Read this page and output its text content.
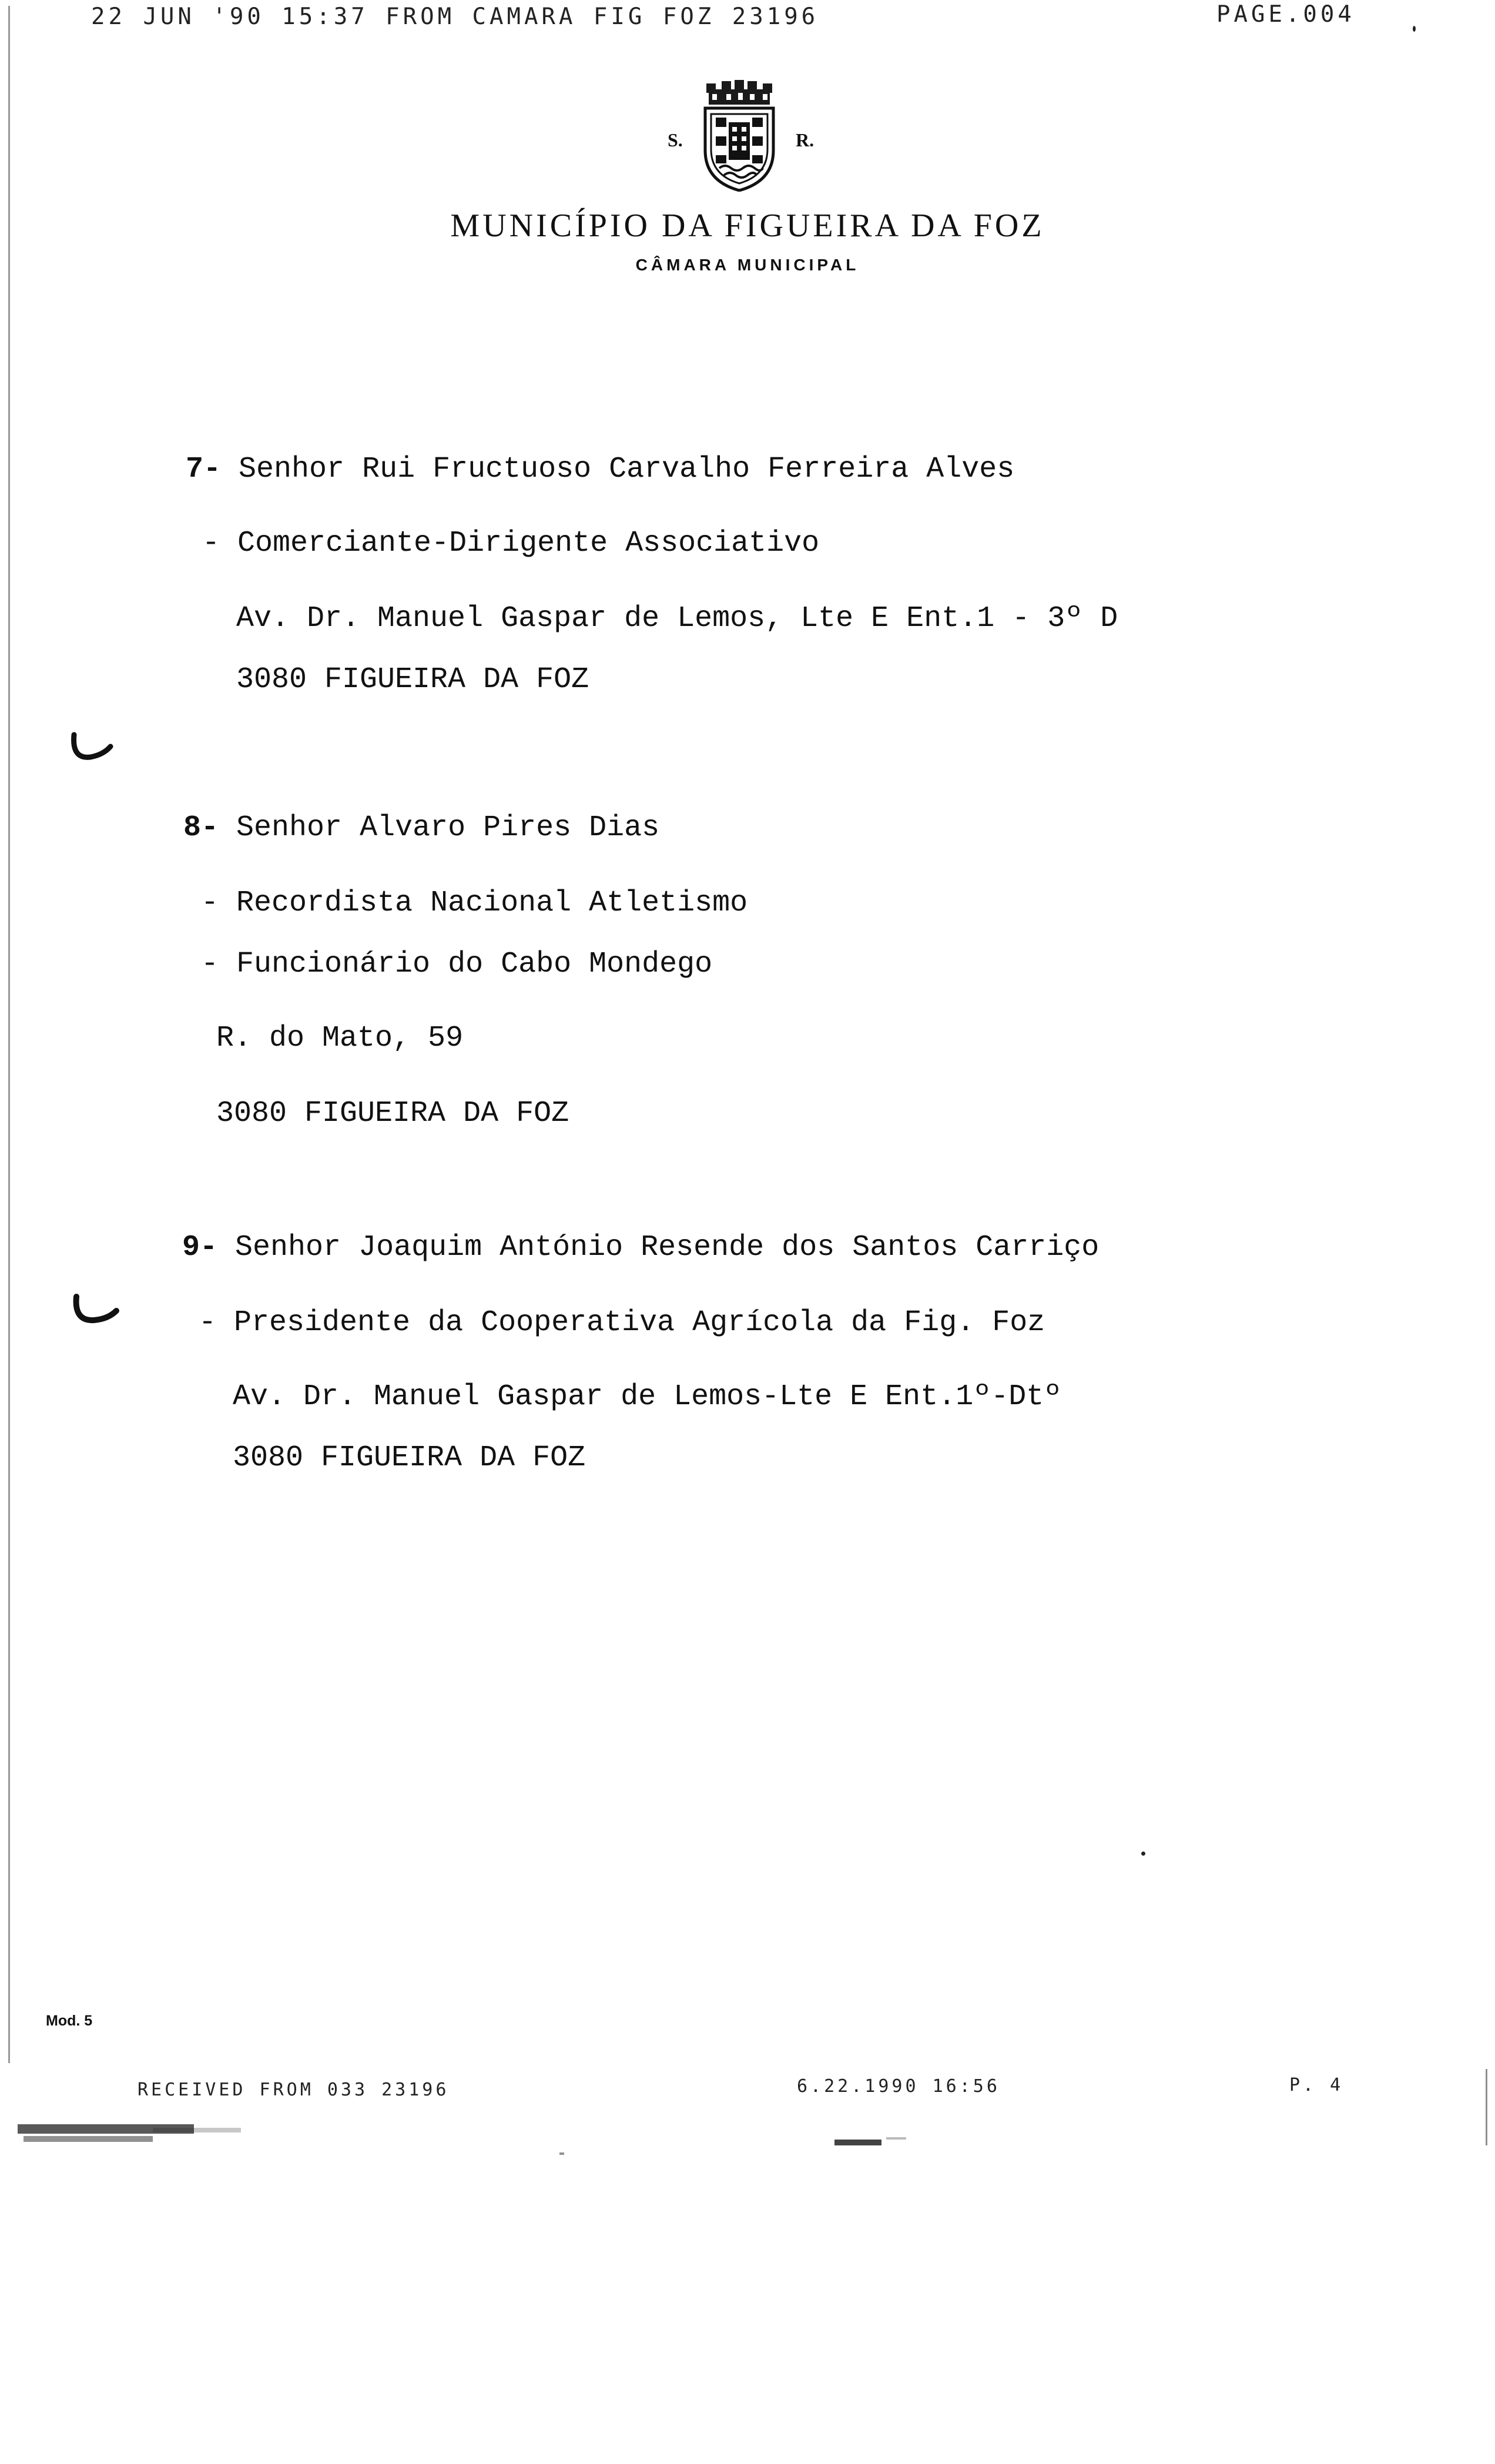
22 JUN '90 15:37 FROM CAMARA FIG FOZ 23196	PAGE.004
S.	R.
MUNICÍPIO DA FIGUEIRA DA FOZ
CÂMARA MUNICIPAL
7- Senhor Rui Fructuoso Carvalho Ferreira Alves
- Comerciante-Dirigente Associativo
Av. Dr. Manuel Gaspar de Lemos, Lte E Ent.1 - 3º D
3080 FIGUEIRA DA FOZ
8- Senhor Alvaro Pires Dias
- Recordista Nacional Atletismo
- Funcionário do Cabo Mondego
R. do Mato, 59
3080 FIGUEIRA DA FOZ
9- Senhor Joaquim António Resende dos Santos Carriço
- Presidente da Cooperativa Agrícola da Fig. Foz
Av. Dr. Manuel Gaspar de Lemos-Lte E Ent.1º-Dtº
3080 FIGUEIRA DA FOZ
Mod. 5
RECEIVED FROM 033 23196	6.22.1990 16:56	P. 4
